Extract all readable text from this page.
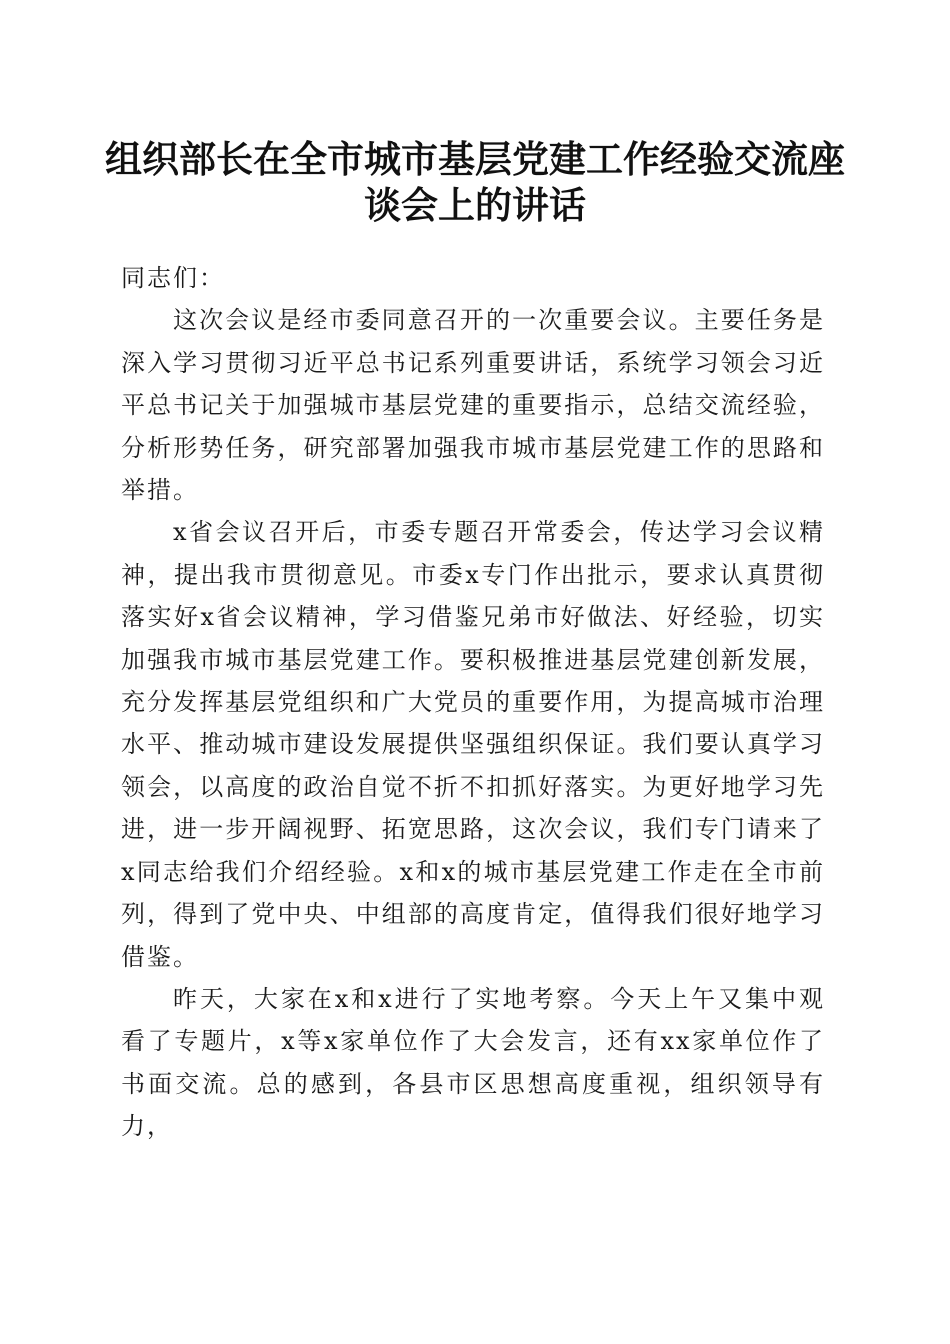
组织部长在全市城市基层党建工作经验交流座
谈会上的讲话

同志们：

这次会议是经市委同意召开的一次重要会议。主要任务是深入学习贯彻习近平总书记系列重要讲话，系统学习领会习近平总书记关于加强城市基层党建的重要指示，总结交流经验，分析形势任务，研究部署加强我市城市基层党建工作的思路和举措。

x省会议召开后，市委专题召开常委会，传达学习会议精神，提出我市贯彻意见。市委x专门作出批示，要求认真贯彻落实好x省会议精神，学习借鉴兄弟市好做法、好经验，切实加强我市城市基层党建工作。要积极推进基层党建创新发展，充分发挥基层党组织和广大党员的重要作用，为提高城市治理水平、推动城市建设发展提供坚强组织保证。我们要认真学习领会，以高度的政治自觉不折不扣抓好落实。为更好地学习先进，进一步开阔视野、拓宽思路，这次会议，我们专门请来了x同志给我们介绍经验。x和x的城市基层党建工作走在全市前列，得到了党中央、中组部的高度肯定，值得我们很好地学习借鉴。

昨天，大家在x和x进行了实地考察。今天上午又集中观看了专题片，x等x家单位作了大会发言，还有xx家单位作了书面交流。总的感到，各县市区思想高度重视，组织领导有力，
